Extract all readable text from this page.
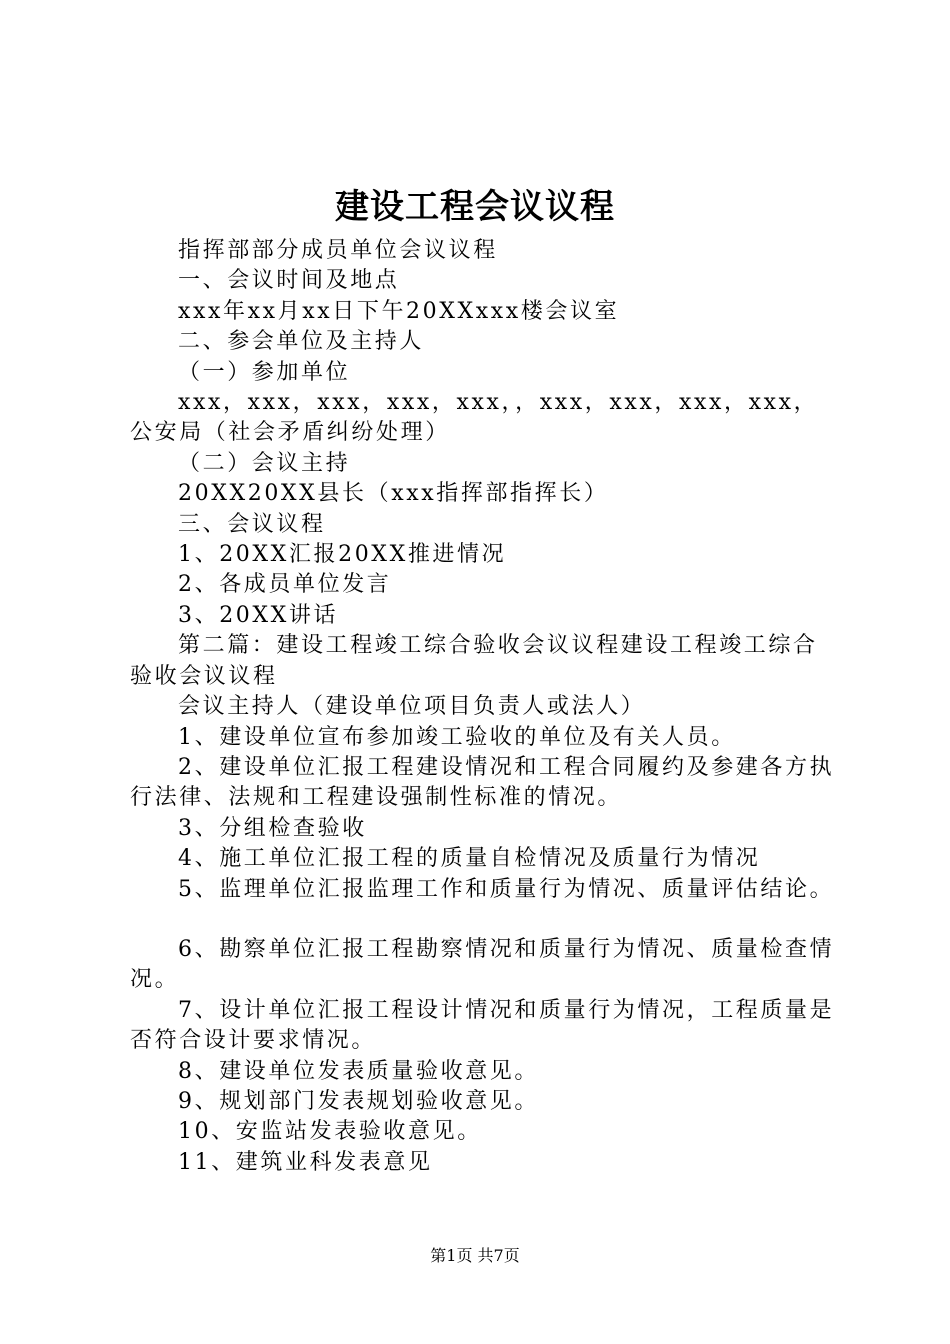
建设工程会议议程

指挥部部分成员单位会议议程

一、会议时间及地点

xxx年xx月xx日下午20XXxxx楼会议室

二、参会单位及主持人

（一）参加单位

xxx，xxx，xxx，xxx，xxx，，xxx，xxx，xxx，xxx，公安局（社会矛盾纠纷处理）

（二）会议主持

20XX20XX县长（xxx指挥部指挥长）

三、会议议程

1、20XX汇报20XX推进情况

2、各成员单位发言

3、20XX讲话

第二篇：建设工程竣工综合验收会议议程建设工程竣工综合验收会议议程

会议主持人（建设单位项目负责人或法人）

1、建设单位宣布参加竣工验收的单位及有关人员。

2、建设单位汇报工程建设情况和工程合同履约及参建各方执行法律、法规和工程建设强制性标准的情况。

3、分组检查验收

4、施工单位汇报工程的质量自检情况及质量行为情况

5、监理单位汇报监理工作和质量行为情况、质量评估结论。

6、勘察单位汇报工程勘察情况和质量行为情况、质量检查情况。

7、设计单位汇报工程设计情况和质量行为情况，工程质量是否符合设计要求情况。

8、建设单位发表质量验收意见。

9、规划部门发表规划验收意见。

10、安监站发表验收意见。

11、建筑业科发表意见

第1页 共7页
